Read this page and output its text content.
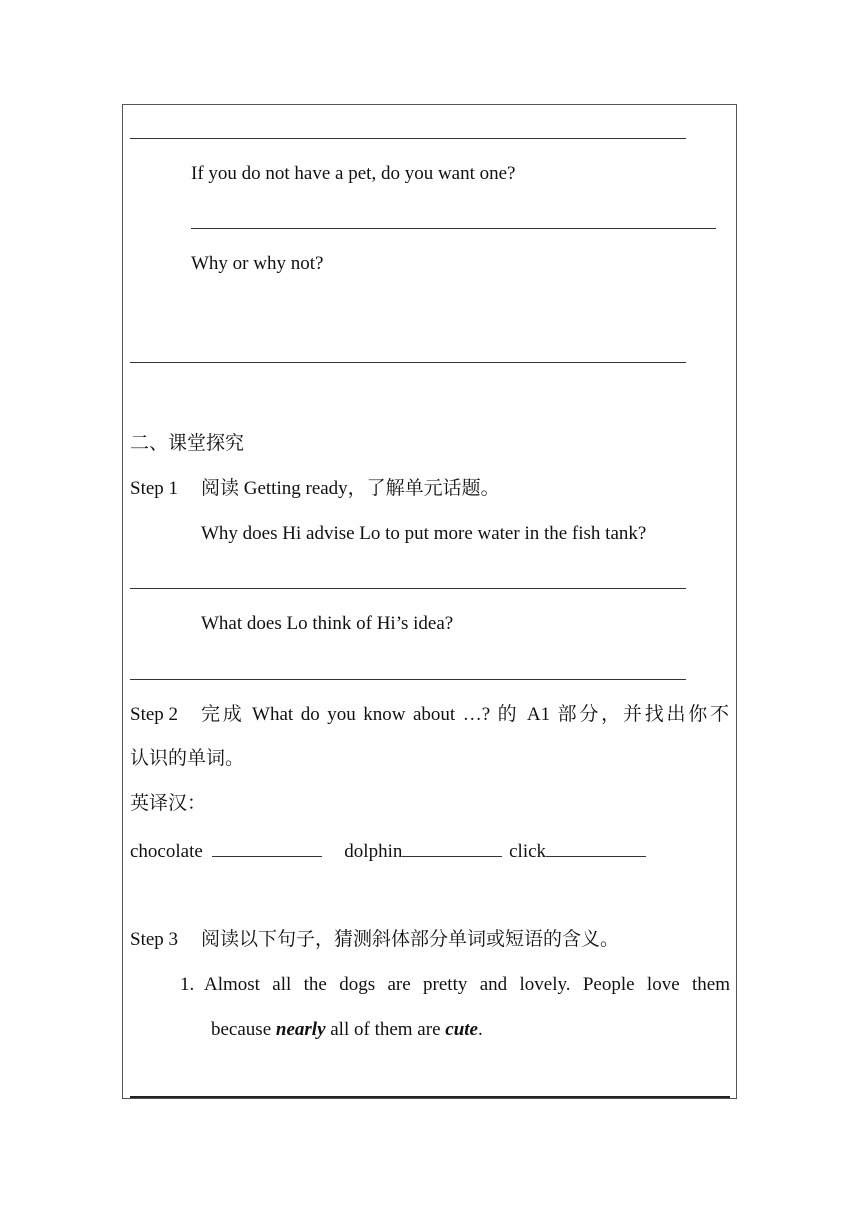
If you do not have a pet, do you want one?
Why or why not?
二、课堂探究
Step 1 阅读 Getting ready，了解单元话题。
Why does Hi advise Lo to put more water in the fish tank?
What does Lo think of Hi’s idea?
Step 2 完成 What do you know about …? 的 A1 部分，并找出你不
认识的单词。
英译汉：
chocolate	dolphin	click
Step 3 阅读以下句子，猜测斜体部分单词或短语的含义。
1. Almost all the dogs are pretty and lovely. People love them
because nearly all of them are cute.
